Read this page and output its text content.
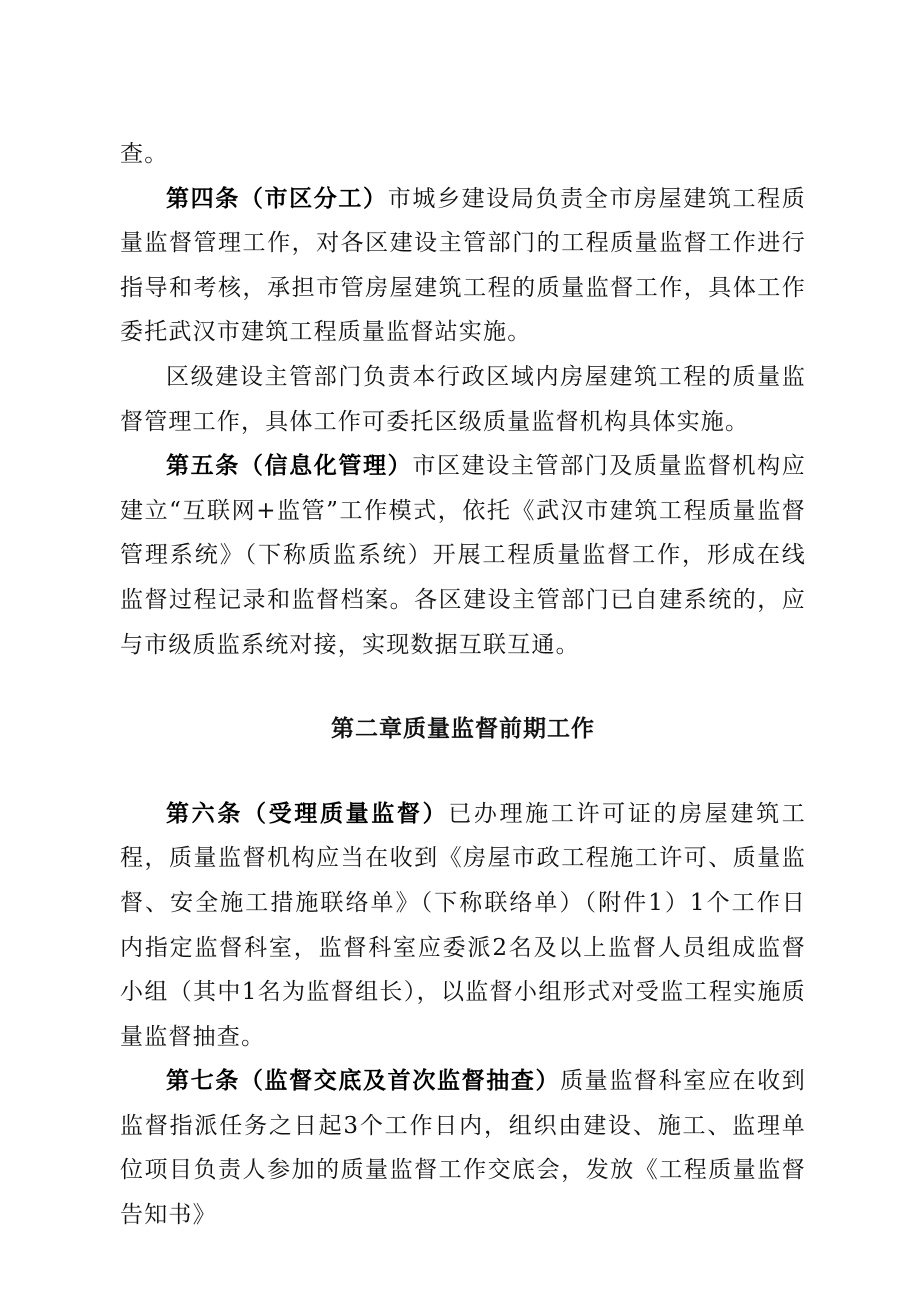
查。

第四条（市区分工）市城乡建设局负责全市房屋建筑工程质量监督管理工作，对各区建设主管部门的工程质量监督工作进行指导和考核，承担市管房屋建筑工程的质量监督工作，具体工作委托武汉市建筑工程质量监督站实施。

区级建设主管部门负责本行政区域内房屋建筑工程的质量监督管理工作，具体工作可委托区级质量监督机构具体实施。

第五条（信息化管理）市区建设主管部门及质量监督机构应建立“互联网+监管”工作模式，依托《武汉市建筑工程质量监督管理系统》（下称质监系统）开展工程质量监督工作，形成在线监督过程记录和监督档案。各区建设主管部门已自建系统的，应与市级质监系统对接，实现数据互联互通。

第二章质量监督前期工作

第六条（受理质量监督）已办理施工许可证的房屋建筑工程，质量监督机构应当在收到《房屋市政工程施工许可、质量监督、安全施工措施联络单》（下称联络单）（附件1）1个工作日内指定监督科室，监督科室应委派2名及以上监督人员组成监督小组（其中1名为监督组长），以监督小组形式对受监工程实施质量监督抽查。

第七条（监督交底及首次监督抽查）质量监督科室应在收到监督指派任务之日起3个工作日内，组织由建设、施工、监理单位项目负责人参加的质量监督工作交底会，发放《工程质量监督告知书》
